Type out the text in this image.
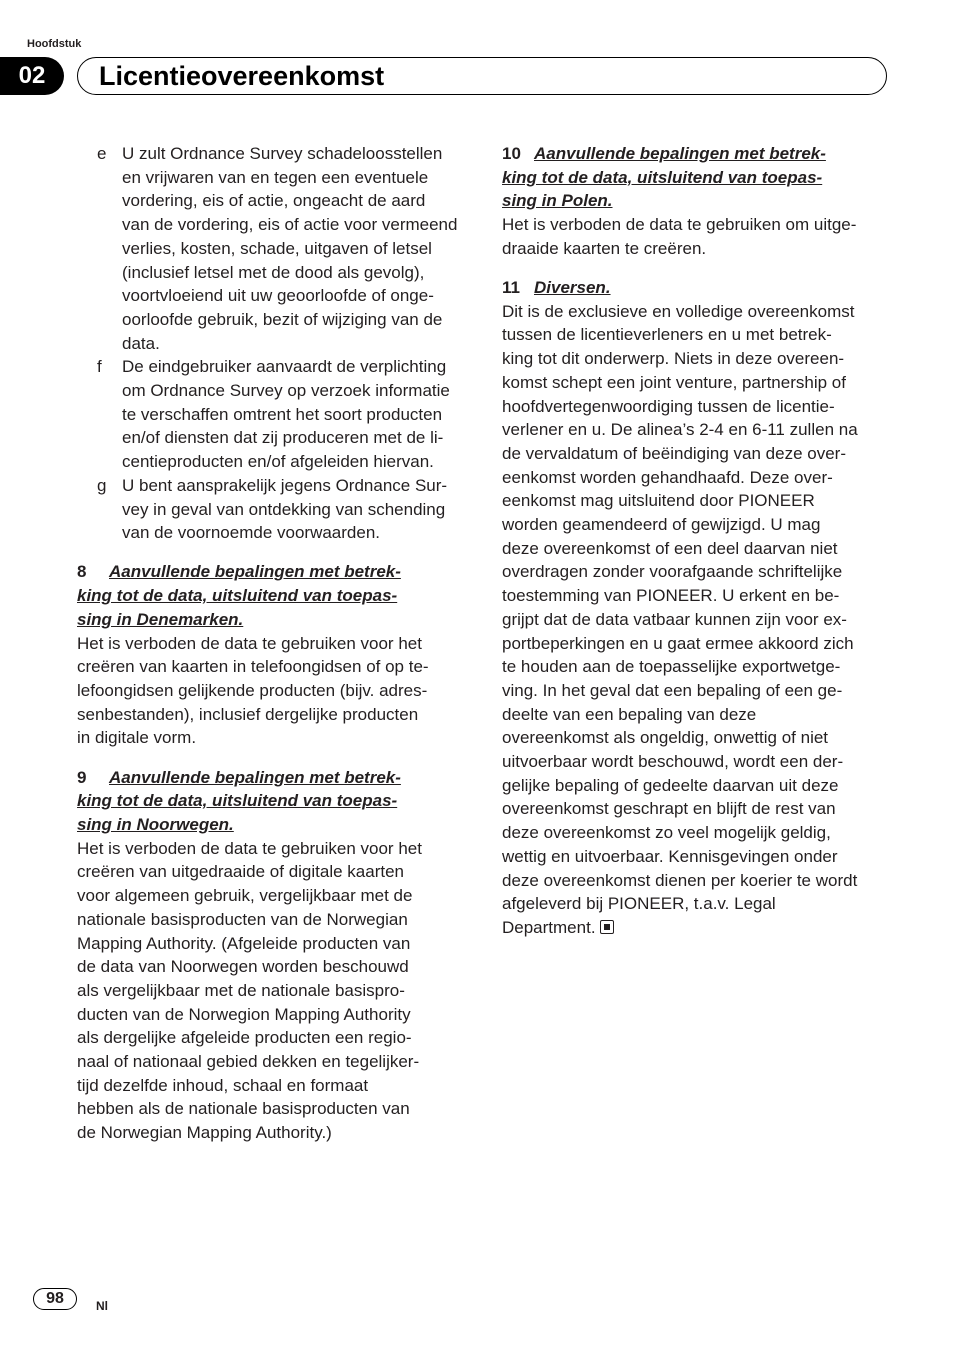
Hoofdstuk
02	Licentieovereenkomst
e U zult Ordnance Survey schadeloosstellen
en vrijwaren van en tegen een eventuele
vordering, eis of actie, ongeacht de aard
van de vordering, eis of actie voor vermeend
verlies, kosten, schade, uitgaven of letsel
(inclusief letsel met de dood als gevolg),
voortvloeiend uit uw geoorloofde of onge-
oorloofde gebruik, bezit of wijziging van de
data.
f De eindgebruiker aanvaardt de verplichting
om Ordnance Survey op verzoek informatie
te verschaffen omtrent het soort producten
en/of diensten dat zij produceren met de li-
centieproducten en/of afgeleiden hiervan.
g U bent aansprakelijk jegens Ordnance Sur-
vey in geval van ontdekking van schending
van de voornoemde voorwaarden.
8 Aanvullende bepalingen met betrek-
king tot de data, uitsluitend van toepas-
sing in Denemarken.
Het is verboden de data te gebruiken voor het
creëren van kaarten in telefoongidsen of op te-
lefoongidsen gelijkende producten (bijv. adres-
senbestanden), inclusief dergelijke producten
in digitale vorm.
9 Aanvullende bepalingen met betrek-
king tot de data, uitsluitend van toepas-
sing in Noorwegen.
Het is verboden de data te gebruiken voor het
creëren van uitgedraaide of digitale kaarten
voor algemeen gebruik, vergelijkbaar met de
nationale basisproducten van de Norwegian
Mapping Authority. (Afgeleide producten van
de data van Noorwegen worden beschouwd
als vergelijkbaar met de nationale basispro-
ducten van de Norwegion Mapping Authority
als dergelijke afgeleide producten een regio-
naal of nationaal gebied dekken en tegelijker-
tijd dezelfde inhoud, schaal en formaat
hebben als de nationale basisproducten van
de Norwegian Mapping Authority.)
10 Aanvullende bepalingen met betrek-
king tot de data, uitsluitend van toepas-
sing in Polen.
Het is verboden de data te gebruiken om uitge-
draaide kaarten te creëren.
11 Diversen.
Dit is de exclusieve en volledige overeenkomst
tussen de licentieverleners en u met betrek-
king tot dit onderwerp. Niets in deze overeen-
komst schept een joint venture, partnership of
hoofdvertegenwoordiging tussen de licentie-
verlener en u. De alinea’s 2-4 en 6-11 zullen na
de vervaldatum of beëindiging van deze over-
eenkomst worden gehandhaafd. Deze over-
eenkomst mag uitsluitend door PIONEER
worden geamendeerd of gewijzigd. U mag
deze overeenkomst of een deel daarvan niet
overdragen zonder voorafgaande schriftelijke
toestemming van PIONEER. U erkent en be-
grijpt dat de data vatbaar kunnen zijn voor ex-
portbeperkingen en u gaat ermee akkoord zich
te houden aan de toepasselijke exportwetge-
ving. In het geval dat een bepaling of een ge-
deelte van een bepaling van deze
overeenkomst als ongeldig, onwettig of niet
uitvoerbaar wordt beschouwd, wordt een der-
gelijke bepaling of gedeelte daarvan uit deze
overeenkomst geschrapt en blijft de rest van
deze overeenkomst zo veel mogelijk geldig,
wettig en uitvoerbaar. Kennisgevingen onder
deze overeenkomst dienen per koerier te wordt
afgeleverd bij PIONEER, t.a.v. Legal
Department.
98	Nl
